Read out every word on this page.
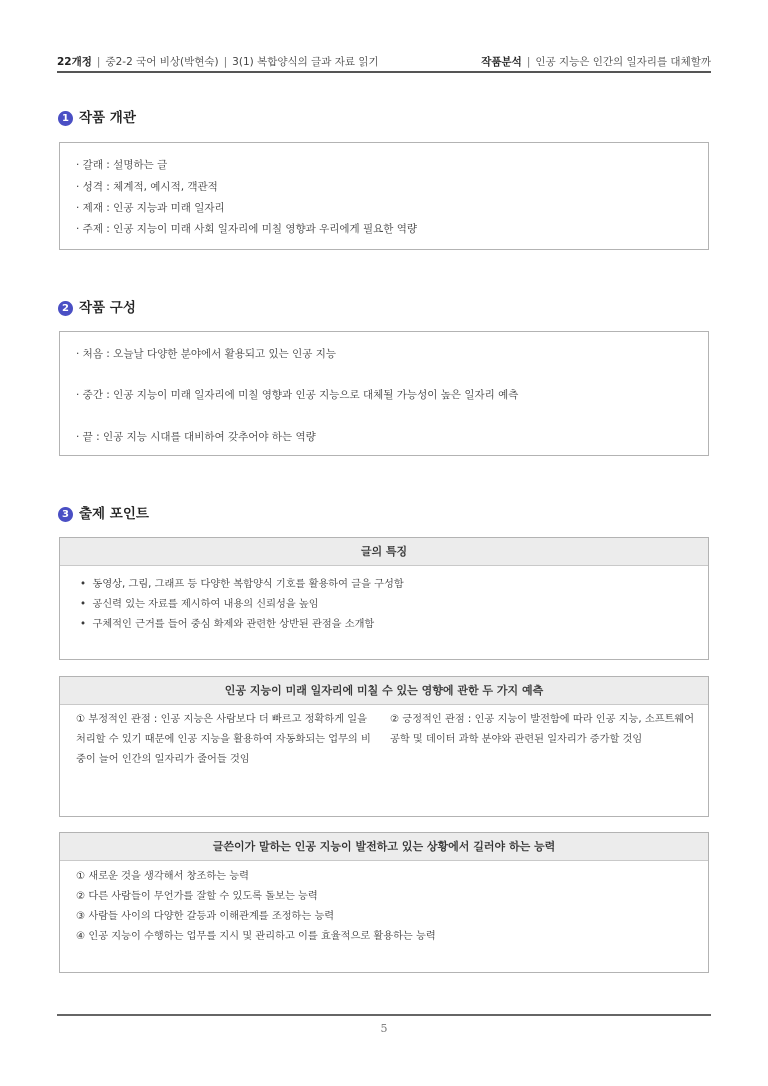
22개정 | 중2-2 국어 비상(박현숙) | 3(1) 복합양식의 글과 자료 읽기	작품분석 | 인공 지능은 인간의 일자리를 대체할까
1 작품 개관
· 갈래 : 설명하는 글
· 성격 : 체계적, 예시적, 객관적
· 제재 : 인공 지능과 미래 일자리
· 주제 : 인공 지능이 미래 사회 일자리에 미칠 영향과 우리에게 필요한 역량
2 작품 구성
· 처음 : 오늘날 다양한 분야에서 활용되고 있는 인공 지능
· 중간 : 인공 지능이 미래 일자리에 미칠 영향과 인공 지능으로 대체될 가능성이 높은 일자리 예측
· 끝 : 인공 지능 시대를 대비하여 갖추어야 하는 역량
3 출제 포인트
글의 특징
•  동영상, 그림, 그래프 등 다양한 복합양식 기호를 활용하여 글을 구성함
•  공신력 있는 자료를 제시하여 내용의 신뢰성을 높임
•  구체적인 근거를 들어 중심 화제와 관련한 상반된 관점을 소개함
인공 지능이 미래 일자리에 미칠 수 있는 영향에 관한 두 가지 예측
① 부정적인 관점 : 인공 지능은 사람보다 더 빠르고 정확하게 일을 처리할 수 있기 때문에 인공 지능을 활용하여 자동화되는 업무의 비중이 늘어 인간의 일자리가 줄어들 것임
② 긍정적인 관점 : 인공 지능이 발전함에 따라 인공 지능, 소프트웨어 공학 및 데이터 과학 분야와 관련된 일자리가 증가할 것임
글쓴이가 말하는 인공 지능이 발전하고 있는 상황에서 길러야 하는 능력
① 새로운 것을 생각해서 창조하는 능력
② 다른 사람들이 무언가를 잘할 수 있도록 돌보는 능력
③ 사람들 사이의 다양한 갈등과 이해관계를 조정하는 능력
④ 인공 지능이 수행하는 업무를 지시 및 관리하고 이를 효율적으로 활용하는 능력
5
